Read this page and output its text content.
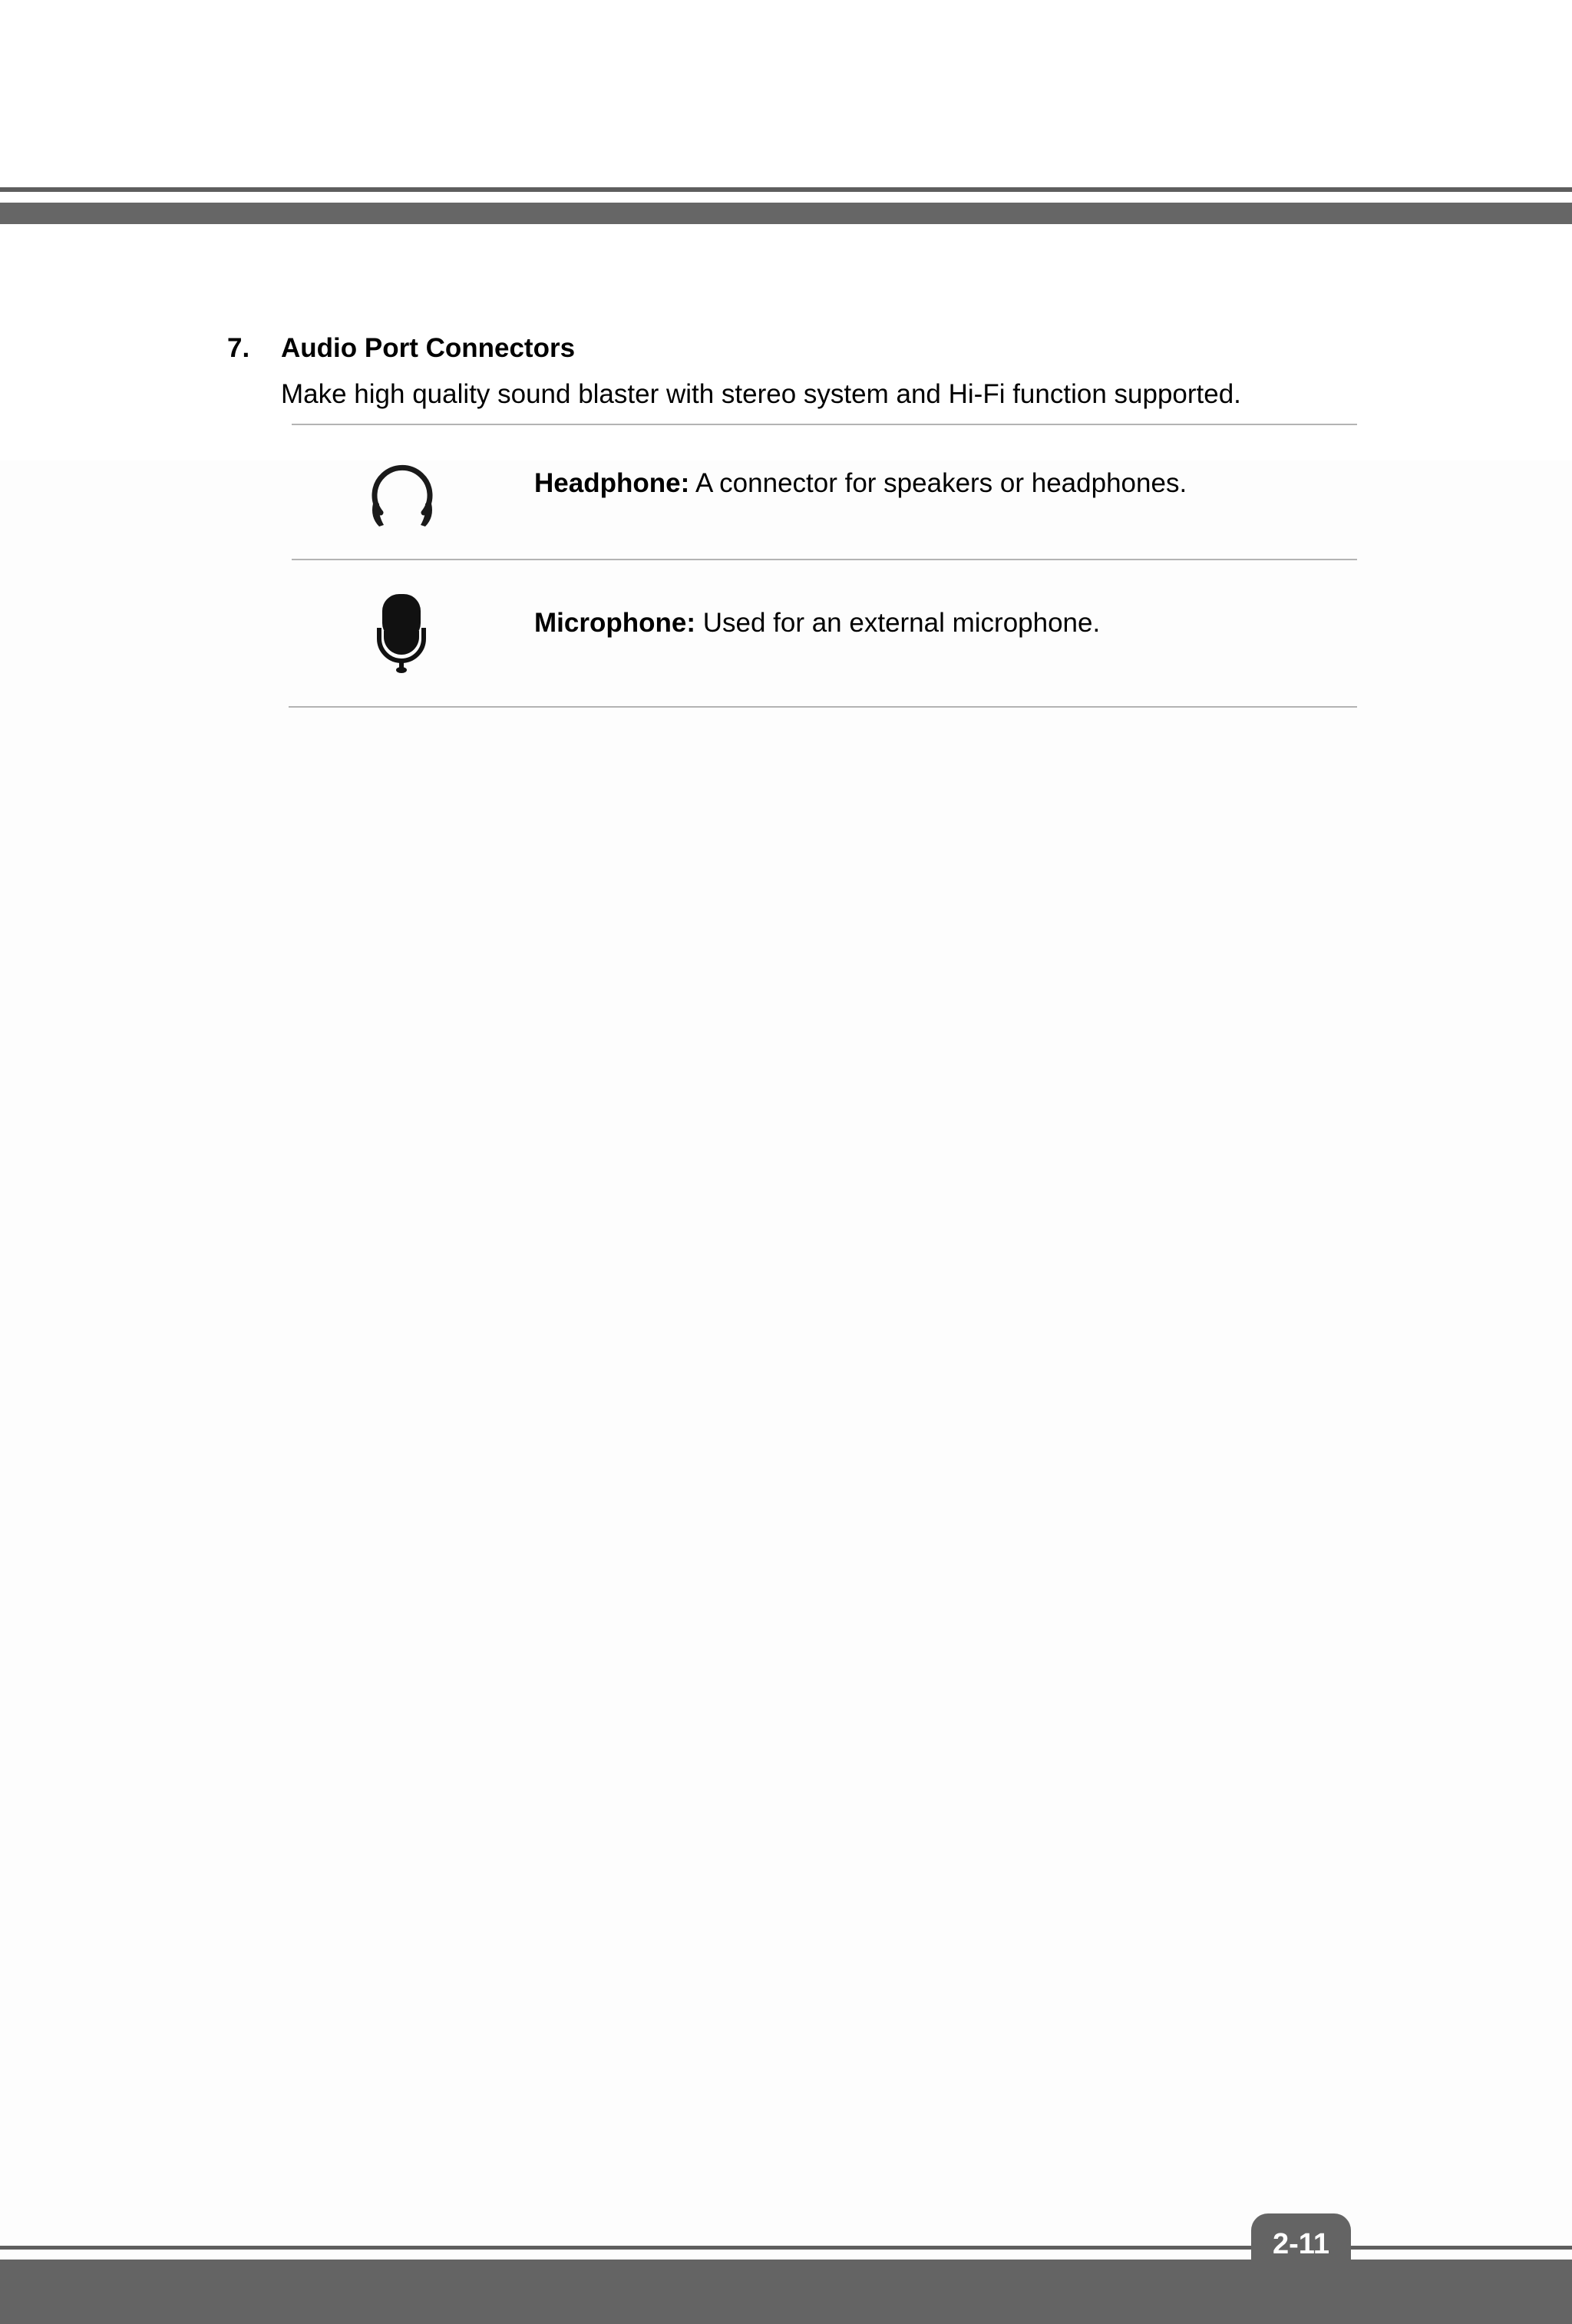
7. Audio Port Connectors
Make high quality sound blaster with stereo system and Hi-Fi function supported.
Headphone: A connector for speakers or headphones.
Microphone: Used for an external microphone.
2-11
